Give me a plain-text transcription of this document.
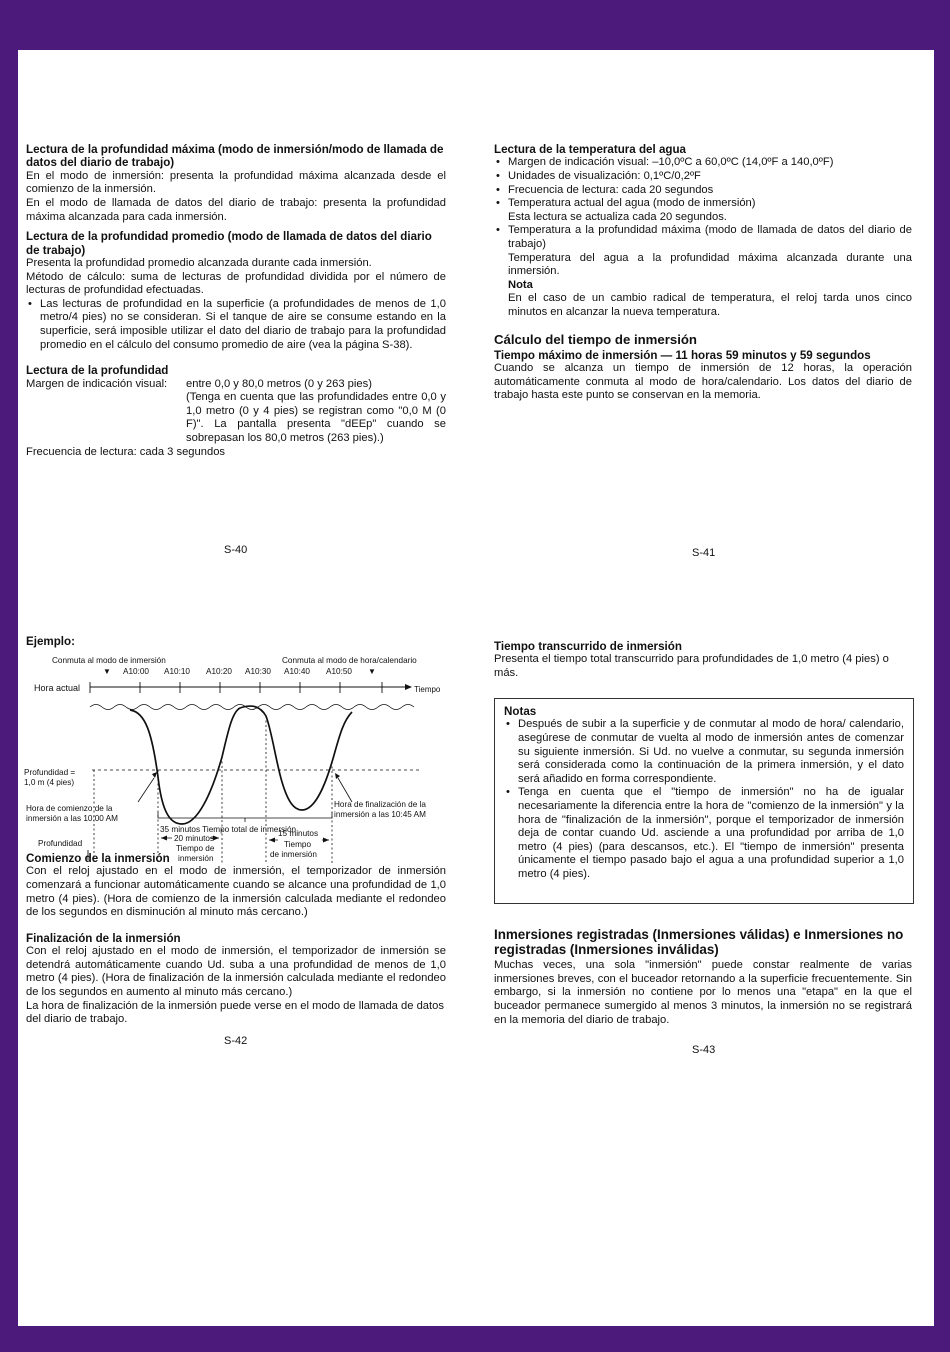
Lectura de la profundidad máxima (modo de inmersión/modo de llamada de datos del diario de trabajo)

En el modo de inmersión: presenta la profundidad máxima alcanzada desde el comienzo de la inmersión.

En el modo de llamada de datos del diario de trabajo: presenta la profundidad máxima alcanzada para cada inmersión.

Lectura de la profundidad promedio (modo de llamada de datos del diario de trabajo)

Presenta la profundidad promedio alcanzada durante cada inmersión.

Método de cálculo: suma de lecturas de profundidad dividida por el número de lecturas de profundidad efectuadas.

• Las lecturas de profundidad en la superficie (a profundidades de menos de 1,0 metro/4 pies) no se consideran. Si el tanque de aire se consume estando en la superficie, será imposible utilizar el dato del diario de trabajo para la profundidad promedio en el cálculo del consumo promedio de aire (vea la página S-38).

Lectura de la profundidad

Margen de indicación visual:	entre 0,0 y 80,0 metros (0 y 263 pies)

(Tenga en cuenta que las profundidades entre 0,0 y 1,0 metro (0 y 4 pies) se registran como "0,0 M (0 F)". La pantalla presenta "dEEp" cuando se sobrepasan los 80,0 metros (263 pies).)

Frecuencia de lectura: cada 3 segundos

S-40

Lectura de la temperatura del agua

• Margen de indicación visual: –10,0ºC a 60,0ºC (14,0ºF a 140,0ºF)
• Unidades de visualización: 0,1ºC/0,2ºF
• Frecuencia de lectura: cada 20 segundos
• Temperatura actual del agua (modo de inmersión)
Esta lectura se actualiza cada 20 segundos.
• Temperatura a la profundidad máxima (modo de llamada de datos del diario de trabajo)
Temperatura del agua a la profundidad máxima alcanzada durante una inmersión.
Nota
En el caso de un cambio radical de temperatura, el reloj tarda unos cinco minutos en alcanzar la nueva temperatura.

Cálculo del tiempo de inmersión

Tiempo máximo de inmersión — 11 horas 59 minutos y 59 segundos

Cuando se alcanza un tiempo de inmersión de 12 horas, la operación automáticamente conmuta al modo de hora/calendario. Los datos del diario de trabajo hasta este punto se conservan en la memoria.

S-41

Ejemplo:

Conmuta al modo de inmersión	Conmuta al modo de hora/calendario
▼	▼
A10:00 A10:10 A10:20 A10:30 A10:40 A10:50
Hora actual	Tiempo
Profundidad =
1,0 m (4 pies)
Hora de comienzo de la
inmersión a las 10:00 AM
Hora de finalización de la
inmersión a las 10:45 AM
Profundidad
20 minutos
Tiempo de
inmersión
15 minutos
Tiempo
de inmersión
35 minutos Tiempo total de inmersión

Comienzo de la inmersión

Con el reloj ajustado en el modo de inmersión, el temporizador de inmersión comenzará a funcionar automáticamente cuando se alcance una profundidad de 1,0 metro (4 pies). (Hora de comienzo de la inmersión calculada mediante el redondeo de los segundos en disminución al minuto más cercano.)

Finalización de la inmersión

Con el reloj ajustado en el modo de inmersión, el temporizador de inmersión se detendrá automáticamente cuando Ud. suba a una profundidad de menos de 1,0 metro (4 pies). (Hora de finalización de la inmersión calculada mediante el redondeo de los segundos en aumento al minuto más cercano.)

La hora de finalización de la inmersión puede verse en el modo de llamada de datos del diario de trabajo.

S-42

Tiempo transcurrido de inmersión

Presenta el tiempo total transcurrido para profundidades de 1,0 metro (4 pies) o más.

Notas

• Después de subir a la superficie y de conmutar al modo de hora/ calendario, asegúrese de conmutar de vuelta al modo de inmersión antes de comenzar su siguiente inmersión. Si Ud. no vuelve a conmutar, su segunda inmersión será considerada como la continuación de la primera inmersión, y el dato será añadido en forma correspondiente.
• Tenga en cuenta que el "tiempo de inmersión" no ha de igualar necesariamente la diferencia entre la hora de "comienzo de la inmersión" y la hora de "finalización de la inmersión", porque el temporizador de inmersión deja de contar cuando Ud. asciende a una profundidad por arriba de 1,0 metro (4 pies) (para descansos, etc.). El "tiempo de inmersión" presenta únicamente el tiempo pasado bajo el agua a una profundidad superior a 1,0 metro (4 pies).

Inmersiones registradas (Inmersiones válidas) e Inmersiones no registradas (Inmersiones inválidas)

Muchas veces, una sola "inmersión" puede constar realmente de varias inmersiones breves, con el buceador retornando a la superficie frecuentemente. Sin embargo, si la inmersión no contiene por lo menos una "etapa" en la que el buceador permanece sumergido al menos 3 minutos, la inmersión no se registrará en la memoria del diario de trabajo.

S-43
